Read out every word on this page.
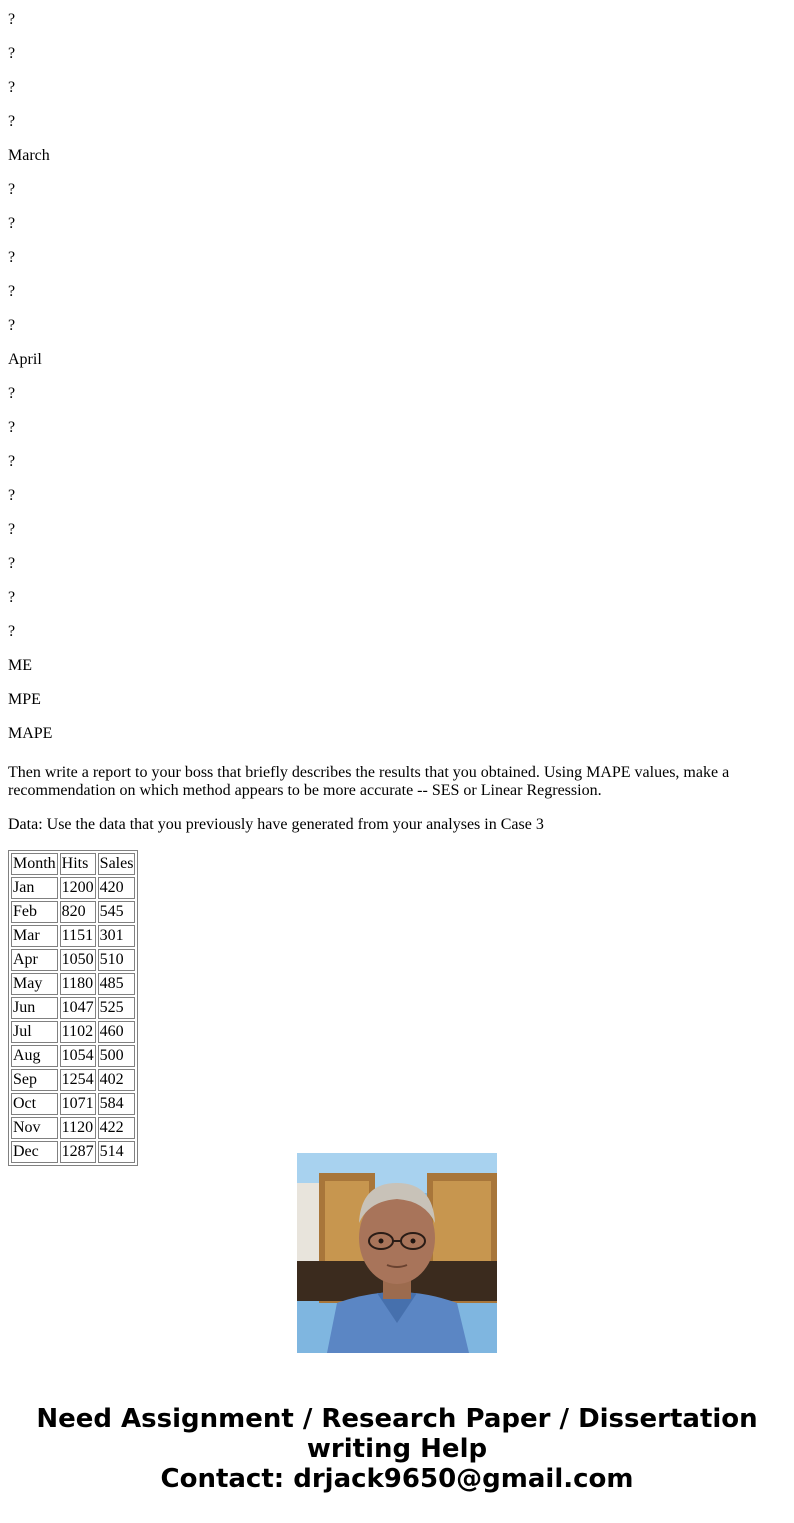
?

?

?

?

March

?

?

?

?

?

April

?

?

?

?

?

?

?

?

ME

MPE

MAPE

Then write a report to your boss that briefly describes the results that you obtained. Using MAPE values, make a recommendation on which method appears to be more accurate -- SES or Linear Regression.

Data: Use the data that you previously have generated from your analyses in Case 3

Month	Hits	Sales
Jan	1200	420
Feb	820	545
Mar	1151	301
Apr	1050	510
May	1180	485
Jun	1047	525
Jul	1102	460
Aug	1054	500
Sep	1254	402
Oct	1071	584
Nov	1120	422
Dec	1287	514
Need Assignment / Research Paper / Dissertation
writing Help
Contact: drjack9650@gmail.com
